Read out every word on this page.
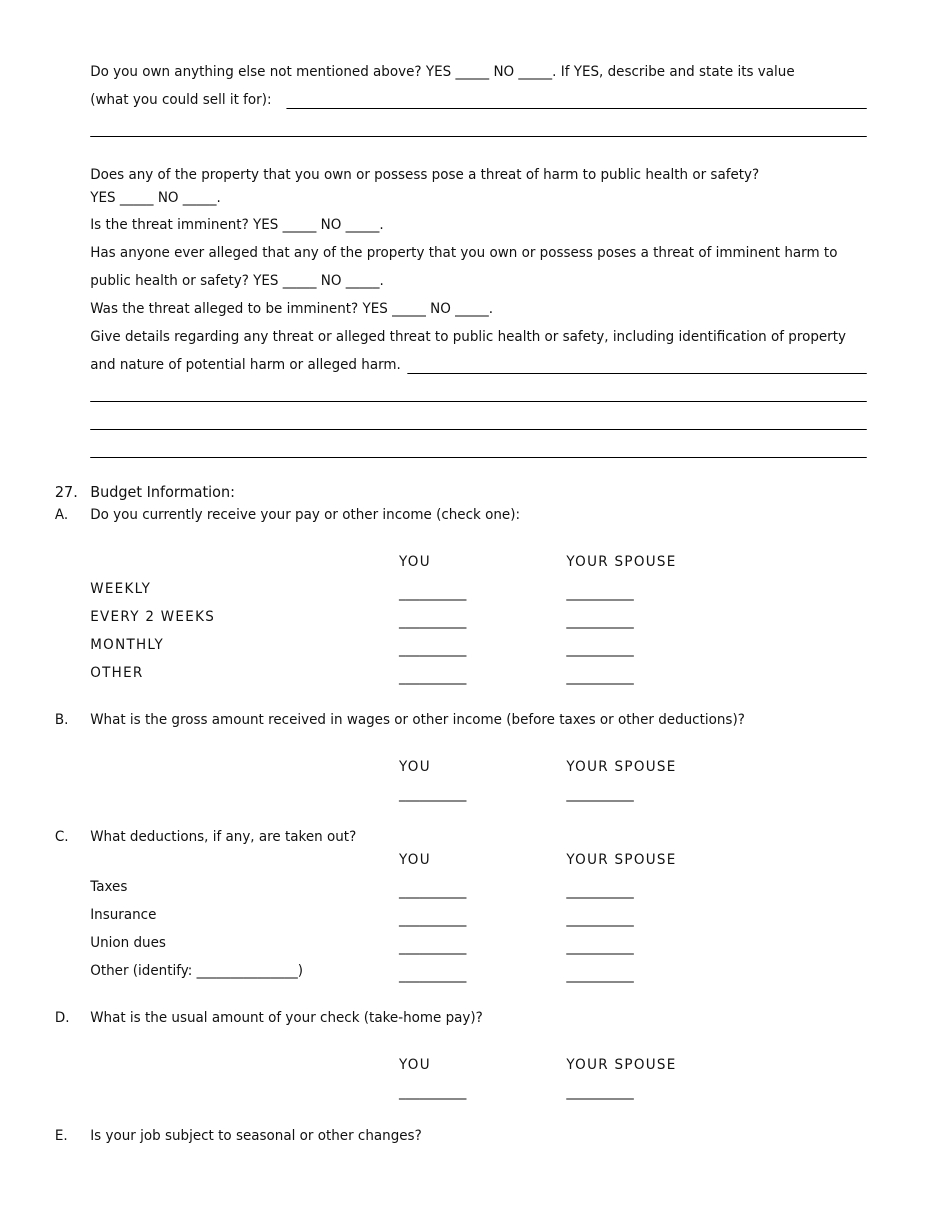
Do you own anything else not mentioned above? YES _____ NO _____. If YES, describe and state its value
(what you could sell it for):
Does any of the property that you own or possess pose a threat of harm to public health or safety?
YES _____ NO _____.
Is the threat imminent? YES _____ NO _____.
Has anyone ever alleged that any of the property that you own or possess poses a threat of imminent harm to
public health or safety? YES _____ NO _____.
Was the threat alleged to be imminent? YES _____ NO _____.
Give details regarding any threat or alleged threat to public health or safety, including identification of property
and nature of potential harm or alleged harm.
27. Budget Information:
A. Do you currently receive your pay or other income (check one):
YOU	YOUR SPOUSE
WEEKLY	__________	__________
EVERY 2 WEEKS	__________	__________
MONTHLY	__________	__________
OTHER	__________	__________
B. What is the gross amount received in wages or other income (before taxes or other deductions)?
YOU	YOUR SPOUSE
__________	__________
C. What deductions, if any, are taken out?
YOU	YOUR SPOUSE
Taxes	__________	__________
Insurance	__________	__________
Union dues	__________	__________
Other (identify: _______________)	__________	__________
D. What is the usual amount of your check (take-home pay)?
YOU	YOUR SPOUSE
__________	__________
E. Is your job subject to seasonal or other changes?
